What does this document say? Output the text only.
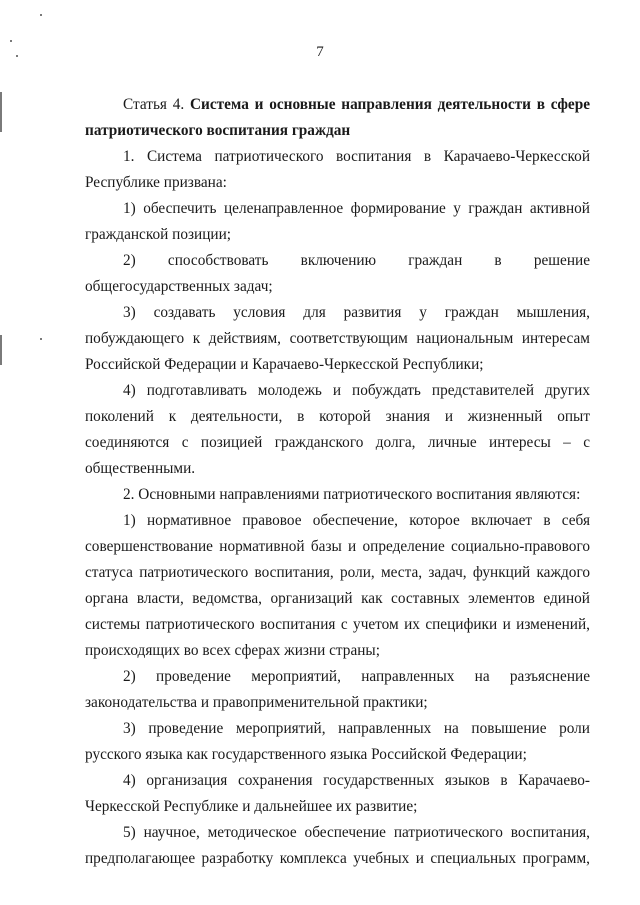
7

Статья 4. Система и основные направления деятельности в сфере патриотического воспитания граждан

1. Система патриотического воспитания в Карачаево-Черкесской Республике призвана:

1) обеспечить целенаправленное формирование у граждан активной гражданской позиции;

2) способствовать включению граждан в решение общегосударственных задач;

3) создавать условия для развития у граждан мышления, побуждающего к действиям, соответствующим национальным интересам Российской Федерации и Карачаево-Черкесской Республики;

4) подготавливать молодежь и побуждать представителей других поколений к деятельности, в которой знания и жизненный опыт соединяются с позицией гражданского долга, личные интересы – с общественными.

2. Основными направлениями патриотического воспитания являются:

1) нормативное правовое обеспечение, которое включает в себя совершенствование нормативной базы и определение социально-правового статуса патриотического воспитания, роли, места, задач, функций каждого органа власти, ведомства, организаций как составных элементов единой системы патриотического воспитания с учетом их специфики и изменений, происходящих во всех сферах жизни страны;

2) проведение мероприятий, направленных на разъяснение законодательства и правоприменительной практики;

3) проведение мероприятий, направленных на повышение роли русского языка как государственного языка Российской Федерации;

4) организация сохранения государственных языков в Карачаево-Черкесской Республике и дальнейшее их развитие;

5) научное, методическое обеспечение патриотического воспитания, предполагающее разработку комплекса учебных и специальных программ,
